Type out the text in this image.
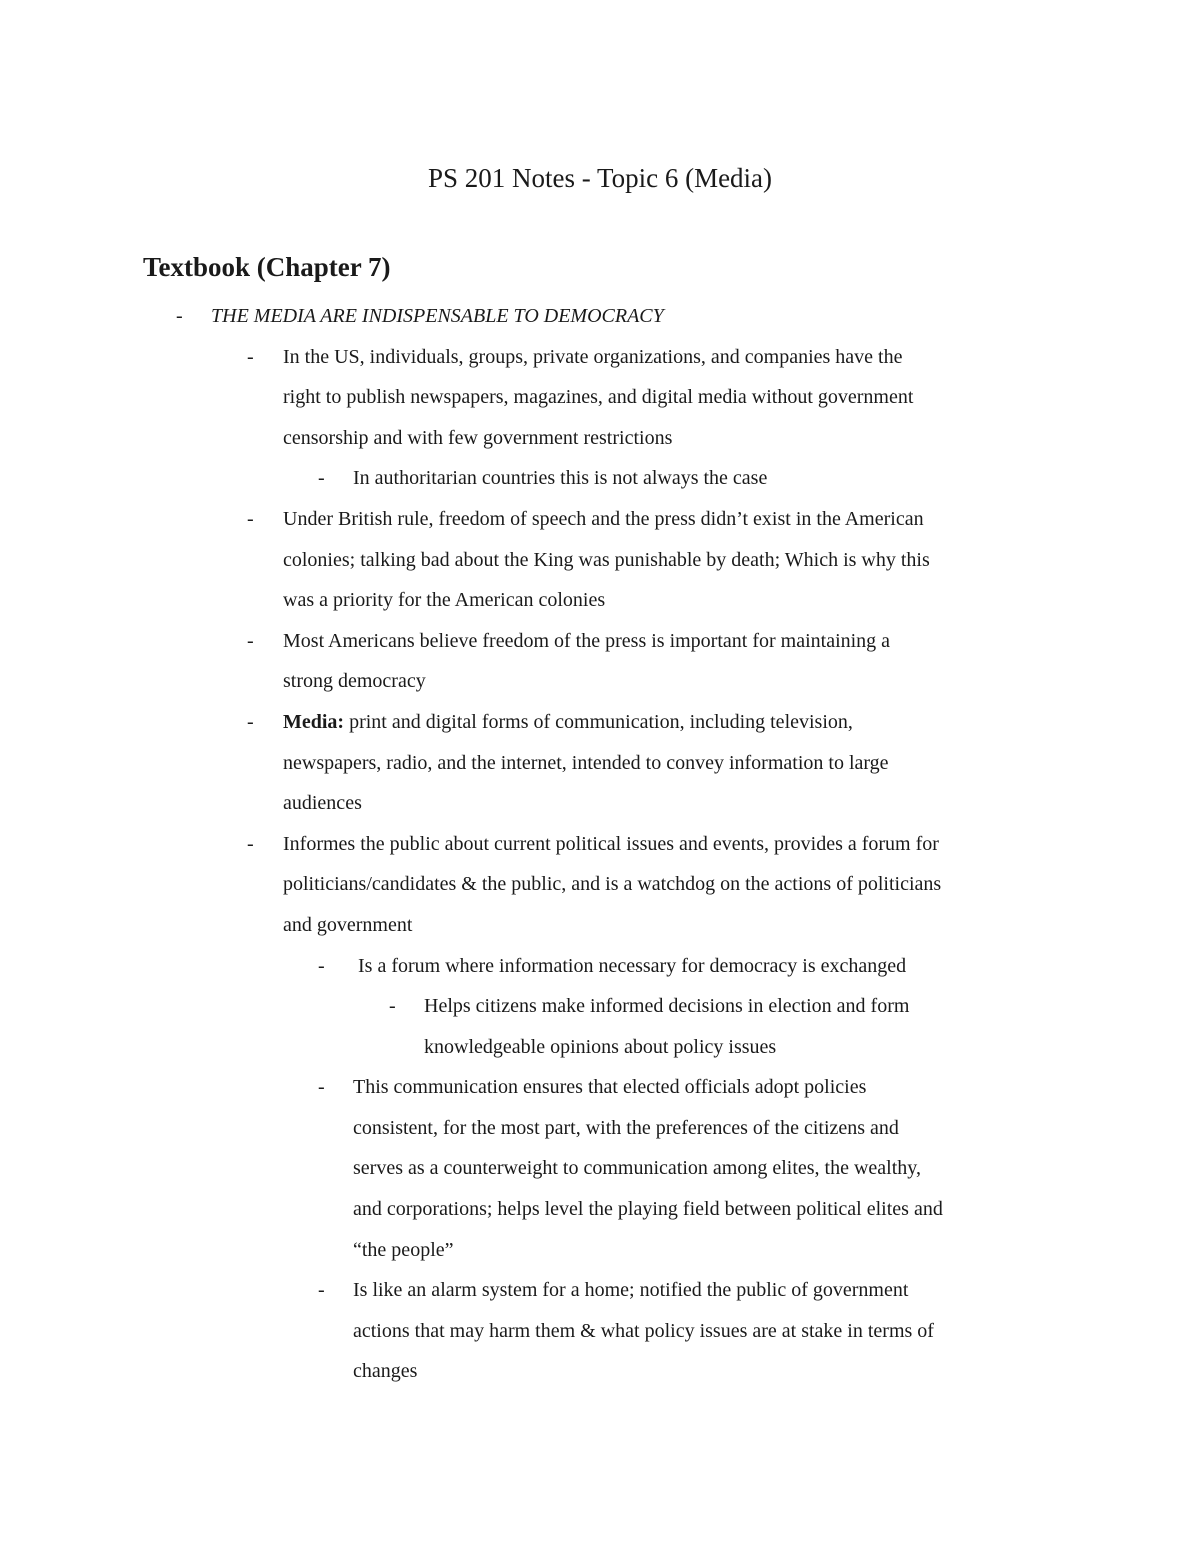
PS 201 Notes - Topic 6 (Media)
Textbook (Chapter 7)
- THE MEDIA ARE INDISPENSABLE TO DEMOCRACY
- In the US, individuals, groups, private organizations, and companies have the
right to publish newspapers, magazines, and digital media without government
censorship and with few government restrictions
- In authoritarian countries this is not always the case
- Under British rule, freedom of speech and the press didn’t exist in the American
colonies; talking bad about the King was punishable by death; Which is why this
was a priority for the American colonies
- Most Americans believe freedom of the press is important for maintaining a
strong democracy
- Media: print and digital forms of communication, including television,
newspapers, radio, and the internet, intended to convey information to large
audiences
- Informes the public about current political issues and events, provides a forum for
politicians/candidates & the public, and is a watchdog on the actions of politicians
and government
- Is a forum where information necessary for democracy is exchanged
- Helps citizens make informed decisions in election and form
knowledgeable opinions about policy issues
- This communication ensures that elected officials adopt policies
consistent, for the most part, with the preferences of the citizens and
serves as a counterweight to communication among elites, the wealthy,
and corporations; helps level the playing field between political elites and
“the people”
- Is like an alarm system for a home; notified the public of government
actions that may harm them & what policy issues are at stake in terms of
changes
